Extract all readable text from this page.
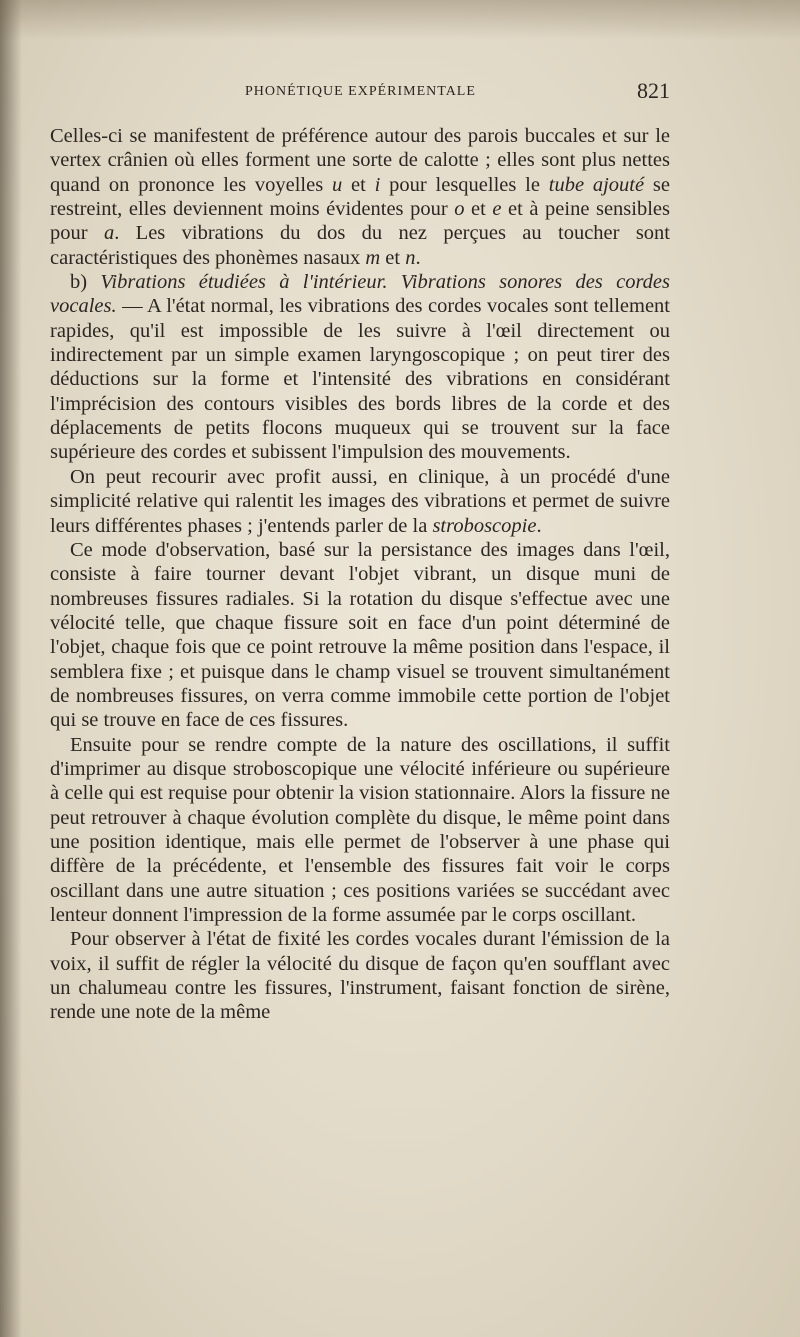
PHONÉTIQUE EXPÉRIMENTALE	821

Celles-ci se manifestent de préférence autour des parois buccales et sur le vertex crânien où elles forment une sorte de calotte ; elles sont plus nettes quand on prononce les voyelles u et i pour lesquelles le tube ajouté se restreint, elles deviennent moins évidentes pour o et e et à peine sensibles pour a. Les vibrations du dos du nez perçues au toucher sont caractéristiques des phonèmes nasaux m et n.

b) Vibrations étudiées à l'intérieur. Vibrations sonores des cordes vocales. — A l'état normal, les vibrations des cordes vocales sont tellement rapides, qu'il est impossible de les suivre à l'œil directement ou indirectement par un simple examen laryngoscopique ; on peut tirer des déductions sur la forme et l'intensité des vibrations en considérant l'imprécision des contours visibles des bords libres de la corde et des déplacements de petits flocons muqueux qui se trouvent sur la face supérieure des cordes et subissent l'impulsion des mouvements.

On peut recourir avec profit aussi, en clinique, à un procédé d'une simplicité relative qui ralentit les images des vibrations et permet de suivre leurs différentes phases ; j'entends parler de la stroboscopie.

Ce mode d'observation, basé sur la persistance des images dans l'œil, consiste à faire tourner devant l'objet vibrant, un disque muni de nombreuses fissures radiales. Si la rotation du disque s'effectue avec une vélocité telle, que chaque fissure soit en face d'un point déterminé de l'objet, chaque fois que ce point retrouve la même position dans l'espace, il semblera fixe ; et puisque dans le champ visuel se trouvent simultanément de nombreuses fissures, on verra comme immobile cette portion de l'objet qui se trouve en face de ces fissures.

Ensuite pour se rendre compte de la nature des oscillations, il suffit d'imprimer au disque stroboscopique une vélocité inférieure ou supérieure à celle qui est requise pour obtenir la vision stationnaire. Alors la fissure ne peut retrouver à chaque évolution complète du disque, le même point dans une position identique, mais elle permet de l'observer à une phase qui diffère de la précédente, et l'ensemble des fissures fait voir le corps oscillant dans une autre situation ; ces positions variées se succédant avec lenteur donnent l'impression de la forme assumée par le corps oscillant.

Pour observer à l'état de fixité les cordes vocales durant l'émission de la voix, il suffit de régler la vélocité du disque de façon qu'en soufflant avec un chalumeau contre les fissures, l'instrument, faisant fonction de sirène, rende une note de la même
